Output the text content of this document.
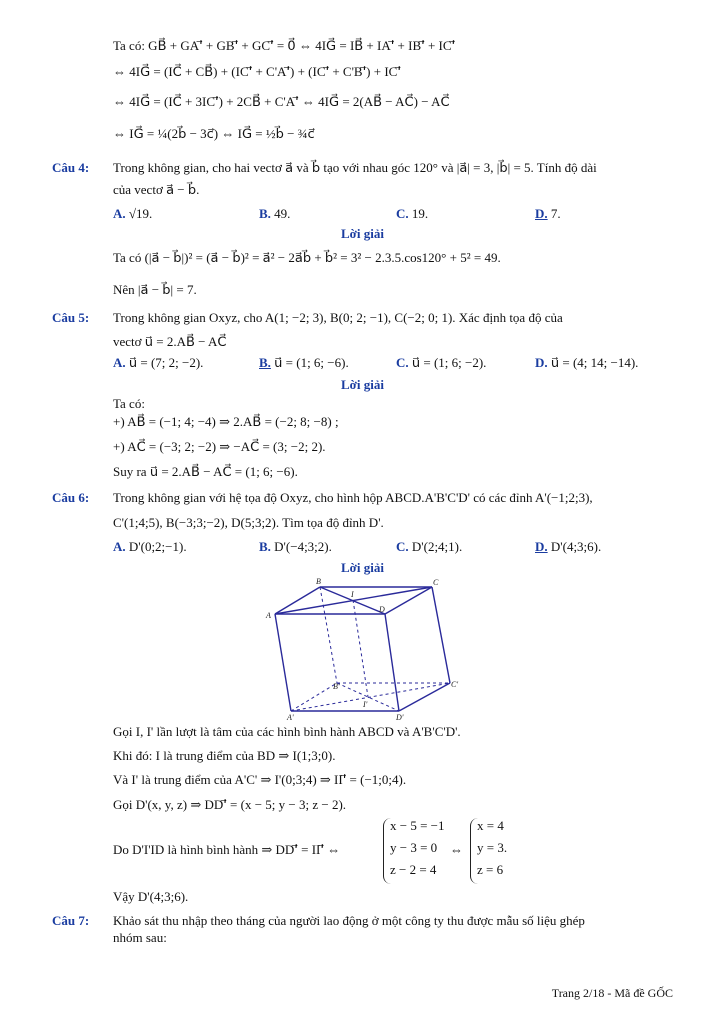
Ta có: GB⃗ + GA'⃗ + GB'⃗ + GC'⃗ = 0⃗ ⇔ 4IG⃗ = IB⃗ + IA'⃗ + IB'⃗ + IC'⃗
⇔ 4IG⃗ = (IC⃗ + CB⃗) + (IC'⃗ + C'A'⃗) + (IC'⃗ + C'B'⃗) + IC'⃗
⇔ 4IG⃗ = (IC⃗ + 3IC'⃗) + 2CB⃗ + C'A'⃗ ⇔ 4IG⃗ = 2(AB⃗ − AC⃗) − AC⃗
⇔ IG⃗ = ¼(2b⃗ − 3c⃗) ⇔ IG⃗ = ½b⃗ − ¾c⃗
Câu 4: Trong không gian, cho hai vectơ a⃗ và b⃗ tạo với nhau góc 120° và |a⃗| = 3, |b⃗| = 5. Tính độ dài
của vectơ a⃗ − b⃗.
A. √19.	B. 49.	C. 19.	D. 7.
Lời giải
Ta có (|a⃗ − b⃗|)² = (a⃗ − b⃗)² = a⃗² − 2a⃗b⃗ + b⃗² = 3² − 2.3.5.cos120° + 5² = 49.
Nên |a⃗ − b⃗| = 7.
Câu 5: Trong không gian Oxyz, cho A(1; −2; 3), B(0; 2; −1), C(−2; 0; 1). Xác định tọa độ của
vectơ u⃗ = 2.AB⃗ − AC⃗
A. u⃗ = (7; 2; −2).	B. u⃗ = (1; 6; −6).	C. u⃗ = (1; 6; −2).	D. u⃗ = (4; 14; −14).
Lời giải
Ta có:
+) AB⃗ = (−1; 4; −4) ⇒ 2.AB⃗ = (−2; 8; −8) ;
+) AC⃗ = (−3; 2; −2) ⇒ −AC⃗ = (3; −2; 2).
Suy ra u⃗ = 2.AB⃗ − AC⃗ = (1; 6; −6).
Câu 6: Trong không gian với hệ tọa độ Oxyz, cho hình hộp ABCD.A'B'C'D' có các đỉnh A'(−1;2;3),
C'(1;4;5), B(−3;3;−2), D(5;3;2). Tìm tọa độ đỉnh D'.
A. D'(0;2;−1).	B. D'(−4;3;2).	C. D'(2;4;1).	D. D'(4;3;6).
Lời giải
A
B	C
D
I
A'
B'	C'
D'
I'
Gọi I, I' lần lượt là tâm của các hình bình hành ABCD và A'B'C'D'.
Khi đó: I là trung điểm của BD ⇒ I(1;3;0).
Và I' là trung điểm của A'C' ⇒ I'(0;3;4) ⇒ II'⃗ = (−1;0;4).
Gọi D'(x, y, z) ⇒ DD'⃗ = (x − 5; y − 3; z − 2).
Do D'I'ID là hình bình hành ⇒ DD'⃗ = II'⃗ ⇔
x − 5 = −1
y − 3 = 0
z − 2 = 4
⇔
x = 4
y = 3.
z = 6
Vậy D'(4;3;6).
Câu 7: Khảo sát thu nhập theo tháng của người lao động ở một công ty thu được mẫu số liệu ghép
nhóm sau:
Trang 2/18 - Mã đề GỐC
